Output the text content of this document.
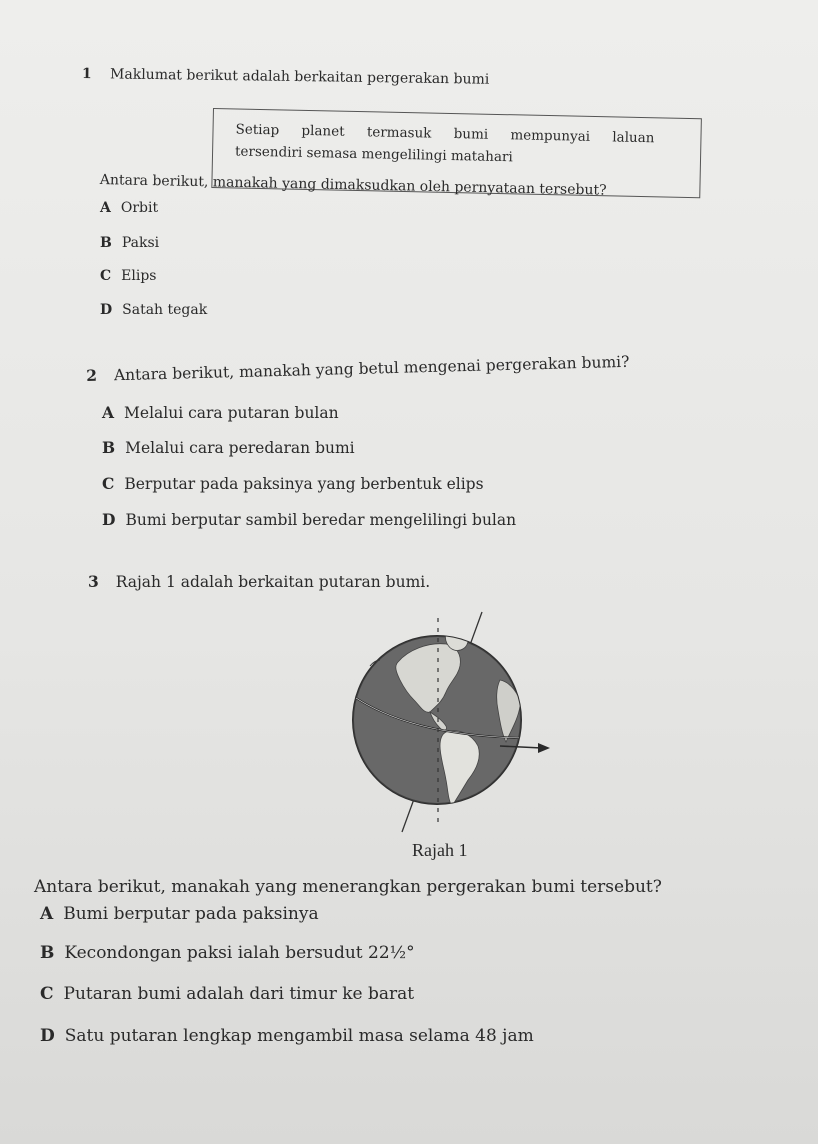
1 Maklumat berikut adalah berkaitan pergerakan bumi
Setiap planet termasuk bumi mempunyai laluan
tersendiri semasa mengelilingi matahari
Antara berikut, manakah yang dimaksudkan oleh pernyataan tersebut?
A Orbit
B Paksi
C Elips
D Satah tegak
2 Antara berikut, manakah yang betul mengenai pergerakan bumi?
A Melalui cara putaran bulan
B Melalui cara peredaran bumi
C Berputar pada paksinya yang berbentuk elips
D Bumi berputar sambil beredar mengelilingi bulan
3 Rajah 1 adalah berkaitan putaran bumi.
Rajah 1
Antara berikut, manakah yang menerangkan pergerakan bumi tersebut?
A Bumi berputar pada paksinya
B Kecondongan paksi ialah bersudut 22½°
C Putaran bumi adalah dari timur ke barat
D Satu putaran lengkap mengambil masa selama 48 jam
